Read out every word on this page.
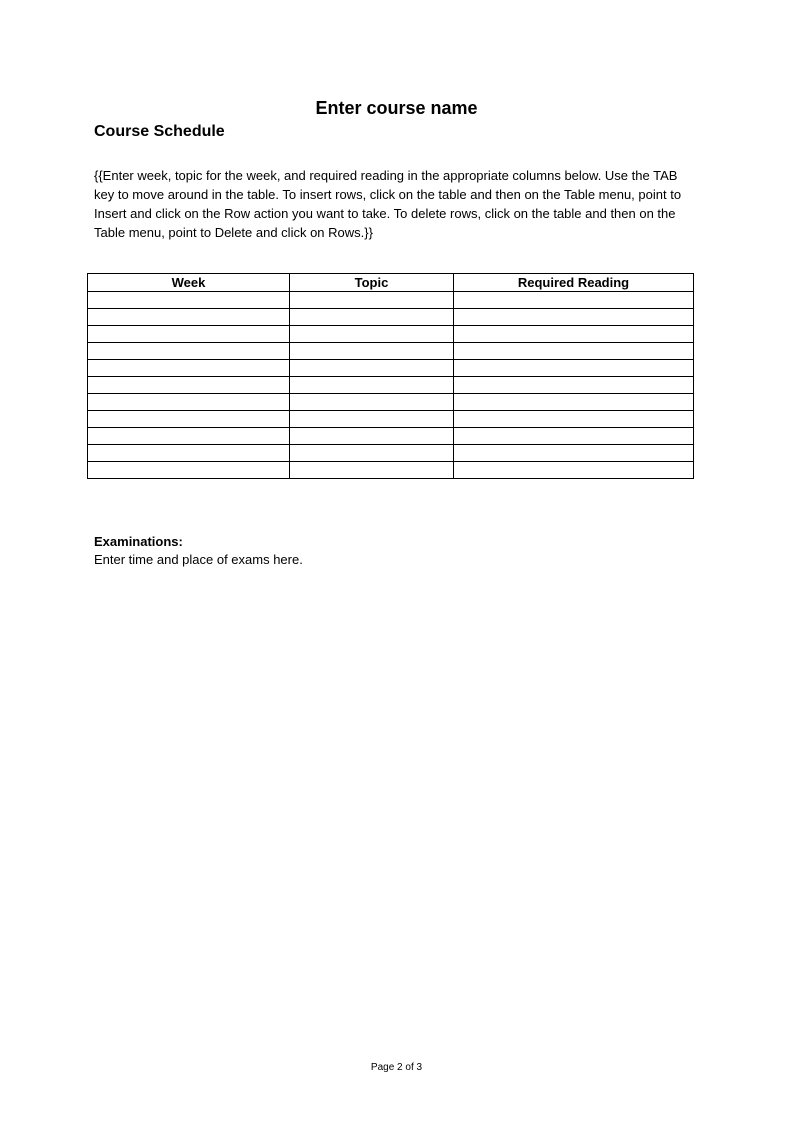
Enter course name
Course Schedule
{{Enter week, topic for the week, and required reading in the appropriate columns below. Use the TAB key to move around in the table. To insert rows, click on the table and then on the Table menu, point to Insert and click on the Row action you want to take. To delete rows, click on the table and then on the Table menu, point to Delete and click on Rows.}}
Week	Topic	Required Reading

Examinations:
Enter time and place of exams here.
Page 2 of 3
